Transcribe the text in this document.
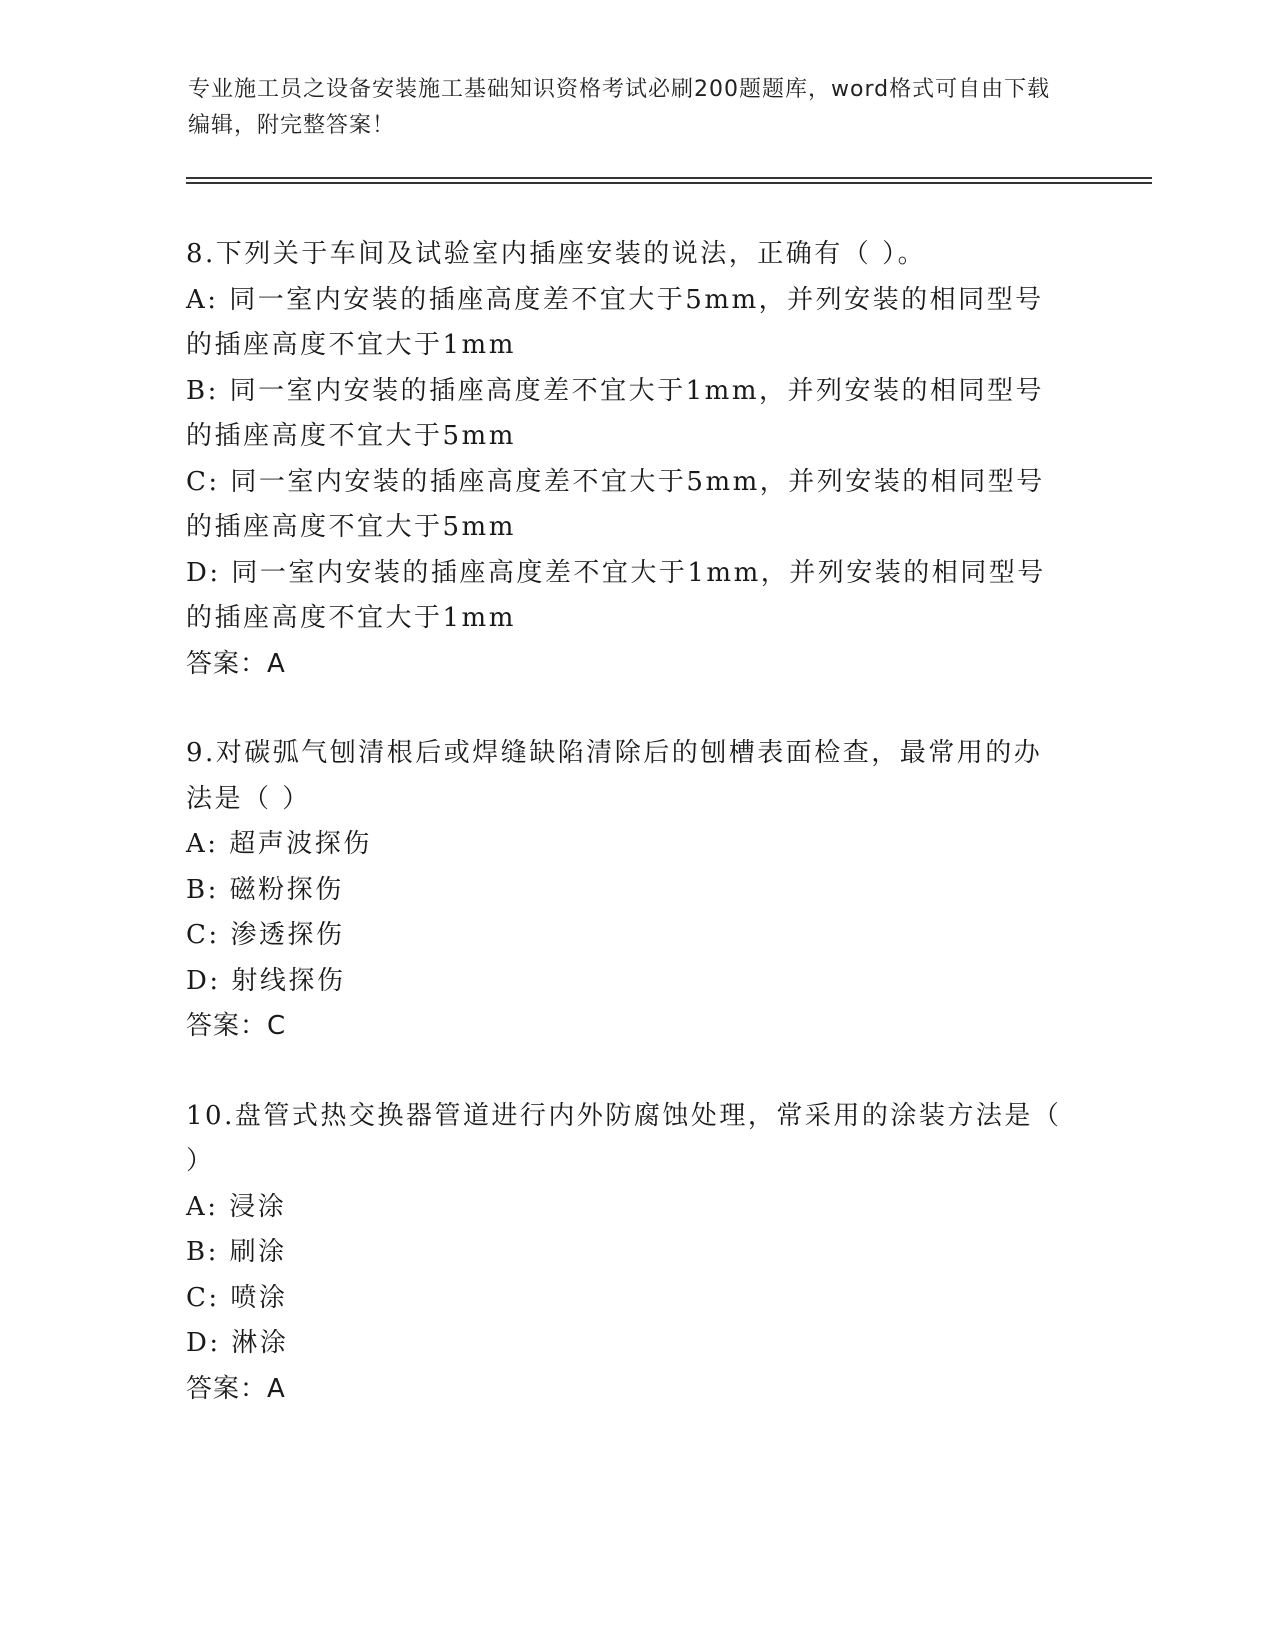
专业施工员之设备安装施工基础知识资格考试必刷200题题库，word格式可自由下载编辑，附完整答案！

8.下列关于车间及试验室内插座安装的说法，正确有（ ）。

A: 同一室内安装的插座高度差不宜大于5mm，并列安装的相同型号的插座高度不宜大于1mm

B: 同一室内安装的插座高度差不宜大于1mm，并列安装的相同型号的插座高度不宜大于5mm

C: 同一室内安装的插座高度差不宜大于5mm，并列安装的相同型号的插座高度不宜大于5mm

D: 同一室内安装的插座高度差不宜大于1mm，并列安装的相同型号的插座高度不宜大于1mm

答案：A

9.对碳弧气刨清根后或焊缝缺陷清除后的刨槽表面检查，最常用的办法是（ ）

A: 超声波探伤

B: 磁粉探伤

C: 渗透探伤

D: 射线探伤

答案：C

10.盘管式热交换器管道进行内外防腐蚀处理，常采用的涂装方法是（ ）

A: 浸涂

B: 刷涂

C: 喷涂

D: 淋涂

答案：A
